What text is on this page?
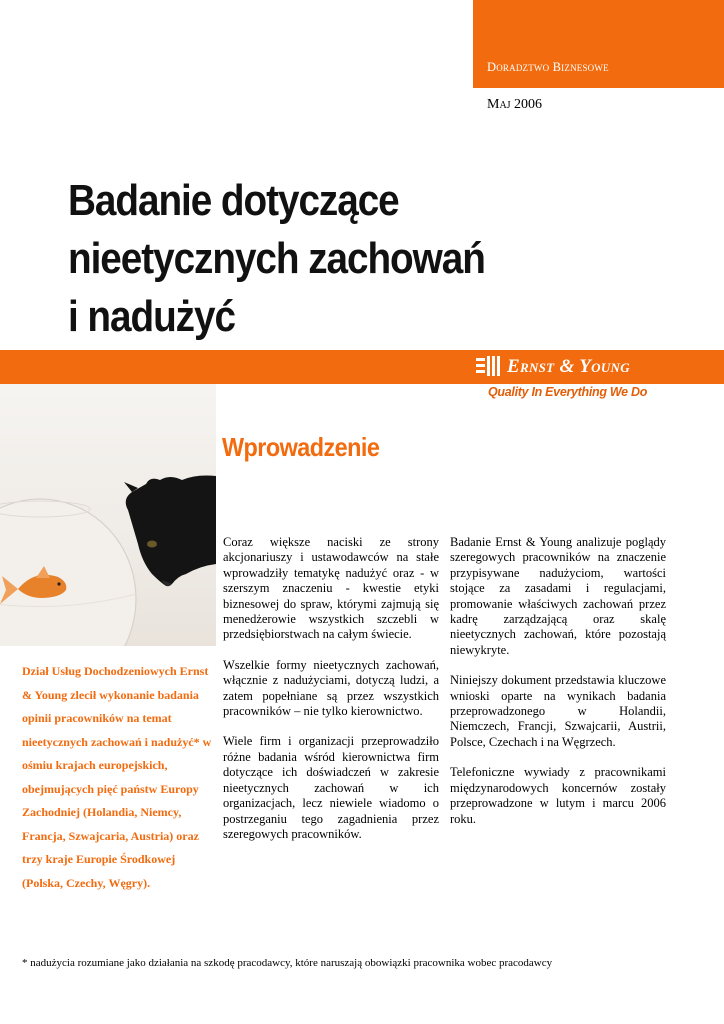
Doradztwo Biznesowe
Maj 2006
Badanie dotyczące
nieetycznych zachowań
i nadużyć
Ernst & Young
Quality In Everything We Do
Wprowadzenie
Dział Usług Dochodzeniowych Ernst & Young zlecił wykonanie badania opinii pracowników na temat nieetycznych zachowań i nadużyć* w ośmiu krajach europejskich, obejmujących pięć państw Europy Zachodniej (Holandia, Niemcy, Francja, Szwajcaria, Austria) oraz trzy kraje Europie Środkowej (Polska, Czechy, Węgry).

Coraz większe naciski ze strony akcjonariuszy i ustawodawców na stałe wprowadziły tematykę nadużyć oraz - w szerszym znaczeniu - kwestie etyki biznesowej do spraw, którymi zajmują się menedżerowie wszystkich szczebli w przedsiębiorstwach na całym świecie.

Wszelkie formy nieetycznych zachowań, włącznie z nadużyciami, dotyczą ludzi, a zatem popełniane są przez wszystkich pracowników – nie tylko kierownictwo.

Wiele firm i organizacji przeprowadziło różne badania wśród kierownictwa firm dotyczące ich doświadczeń w zakresie nieetycznych zachowań w ich organizacjach, lecz niewiele wiadomo o postrzeganiu tego zagadnienia przez szeregowych pracowników.

Badanie Ernst & Young analizuje poglądy szeregowych pracowników na znaczenie przypisywane nadużyciom, wartości stojące za zasadami i regulacjami, promowanie właściwych zachowań przez kadrę zarządzającą oraz skalę nieetycznych zachowań, które pozostają niewykryte.

Niniejszy dokument przedstawia kluczowe wnioski oparte na wynikach badania przeprowadzonego w Holandii, Niemczech, Francji, Szwajcarii, Austrii, Polsce, Czechach i na Węgrzech.

Telefoniczne wywiady z pracownikami międzynarodowych koncernów zostały przeprowadzone w lutym i marcu 2006 roku.

* nadużycia rozumiane jako działania na szkodę pracodawcy, które naruszają obowiązki pracownika wobec pracodawcy
